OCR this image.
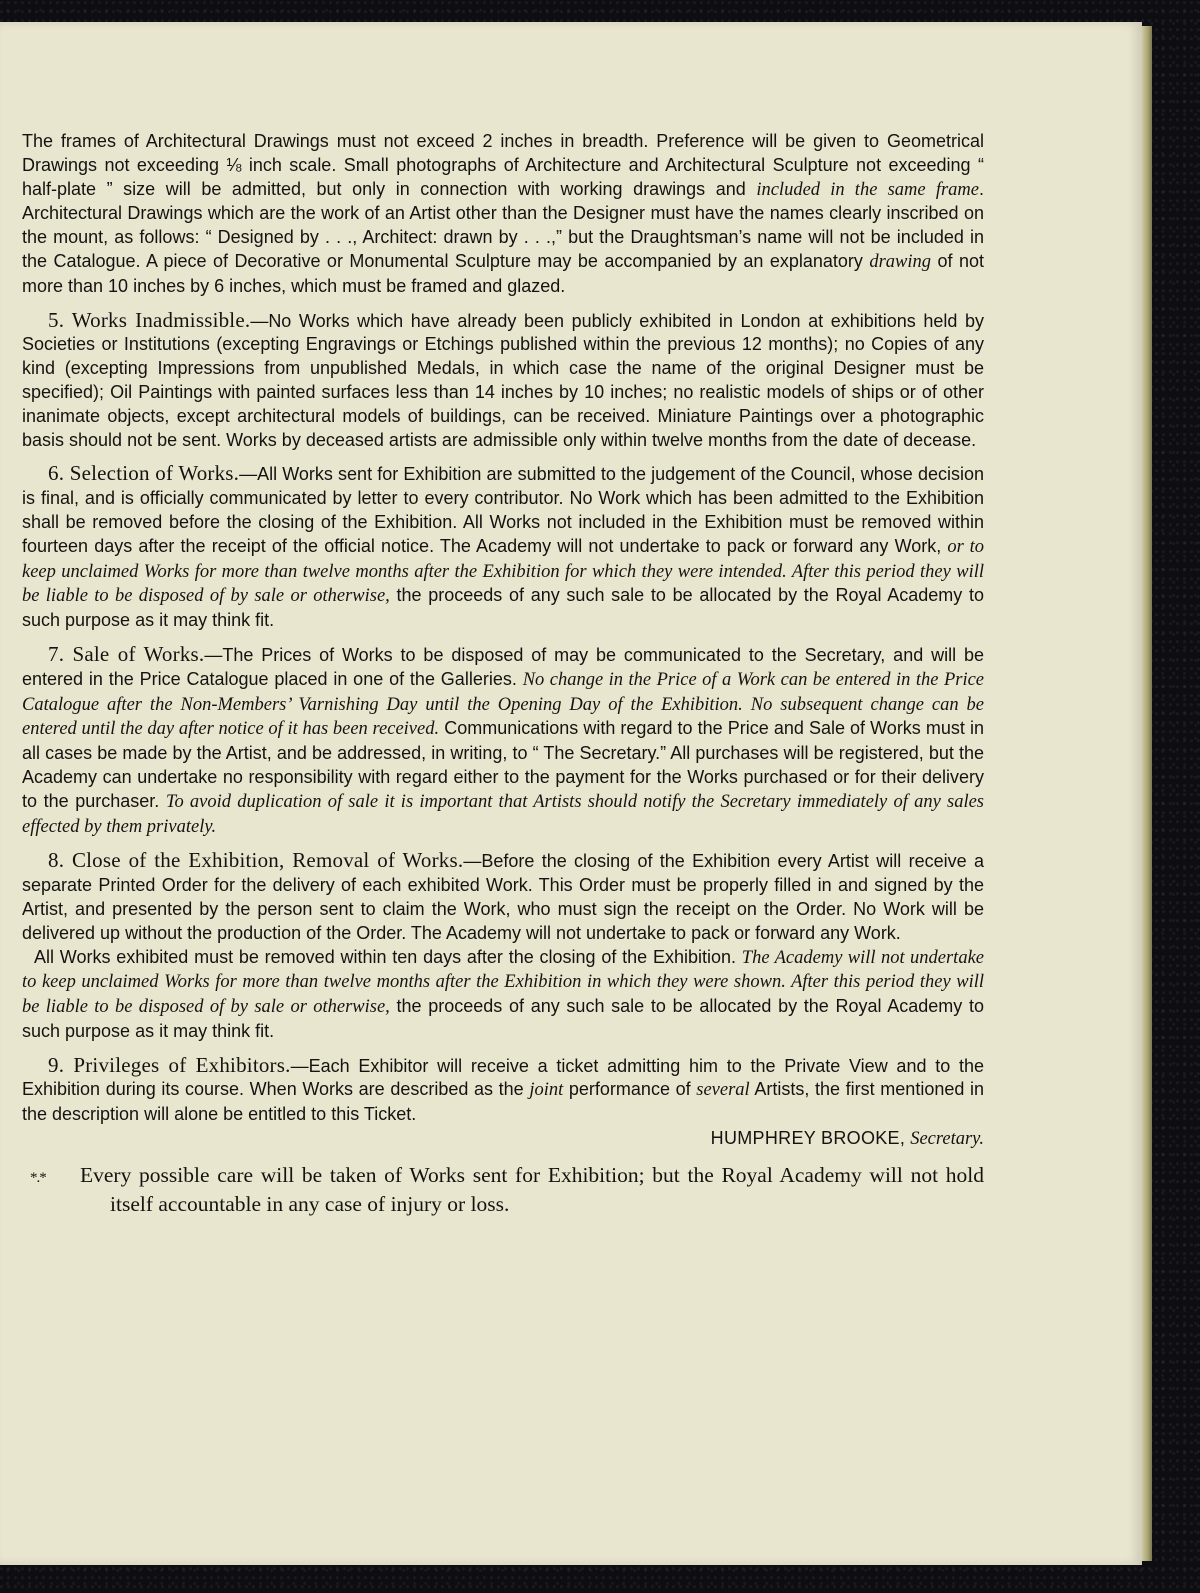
The frames of Architectural Drawings must not exceed 2 inches in breadth. Preference will be given to Geometrical Drawings not exceeding ⅛ inch scale. Small photographs of Architecture and Architectural Sculpture not exceeding “ half-plate ” size will be admitted, but only in connection with working drawings and included in the same frame. Architectural Drawings which are the work of an Artist other than the Designer must have the names clearly inscribed on the mount, as follows: “ Designed by . . ., Architect: drawn by . . .,” but the Draughtsman’s name will not be included in the Catalogue. A piece of Decorative or Monumental Sculpture may be accompanied by an explanatory drawing of not more than 10 inches by 6 inches, which must be framed and glazed.

5. Works Inadmissible.—No Works which have already been publicly exhibited in London at exhibitions held by Societies or Institutions (excepting Engravings or Etchings published within the previous 12 months); no Copies of any kind (excepting Impressions from unpublished Medals, in which case the name of the original Designer must be specified); Oil Paintings with painted surfaces less than 14 inches by 10 inches; no realistic models of ships or of other inanimate objects, except architectural models of buildings, can be received. Miniature Paintings over a photographic basis should not be sent. Works by deceased artists are admissible only within twelve months from the date of decease.

6. Selection of Works.—All Works sent for Exhibition are submitted to the judgement of the Council, whose decision is final, and is officially communicated by letter to every contributor. No Work which has been admitted to the Exhibition shall be removed before the closing of the Exhibition. All Works not included in the Exhibition must be removed within fourteen days after the receipt of the official notice. The Academy will not undertake to pack or forward any Work, or to keep unclaimed Works for more than twelve months after the Exhibition for which they were intended. After this period they will be liable to be disposed of by sale or otherwise, the proceeds of any such sale to be allocated by the Royal Academy to such purpose as it may think fit.

7. Sale of Works.—The Prices of Works to be disposed of may be communicated to the Secretary, and will be entered in the Price Catalogue placed in one of the Galleries. No change in the Price of a Work can be entered in the Price Catalogue after the Non-Members’ Varnishing Day until the Opening Day of the Exhibition. No subsequent change can be entered until the day after notice of it has been received. Communications with regard to the Price and Sale of Works must in all cases be made by the Artist, and be addressed, in writing, to “ The Secretary.” All purchases will be registered, but the Academy can undertake no responsibility with regard either to the payment for the Works purchased or for their delivery to the purchaser. To avoid duplication of sale it is important that Artists should notify the Secretary immediately of any sales effected by them privately.

8. Close of the Exhibition, Removal of Works.—Before the closing of the Exhibition every Artist will receive a separate Printed Order for the delivery of each exhibited Work. This Order must be properly filled in and signed by the Artist, and presented by the person sent to claim the Work, who must sign the receipt on the Order. No Work will be delivered up without the production of the Order. The Academy will not undertake to pack or forward any Work.

All Works exhibited must be removed within ten days after the closing of the Exhibition. The Academy will not undertake to keep unclaimed Works for more than twelve months after the Exhibition in which they were shown. After this period they will be liable to be disposed of by sale or otherwise, the proceeds of any such sale to be allocated by the Royal Academy to such purpose as it may think fit.

9. Privileges of Exhibitors.—Each Exhibitor will receive a ticket admitting him to the Private View and to the Exhibition during its course. When Works are described as the joint performance of several Artists, the first mentioned in the description will alone be entitled to this Ticket.

HUMPHREY BROOKE, Secretary.

*.* Every possible care will be taken of Works sent for Exhibition; but the Royal Academy will not hold itself accountable in any case of injury or loss.
